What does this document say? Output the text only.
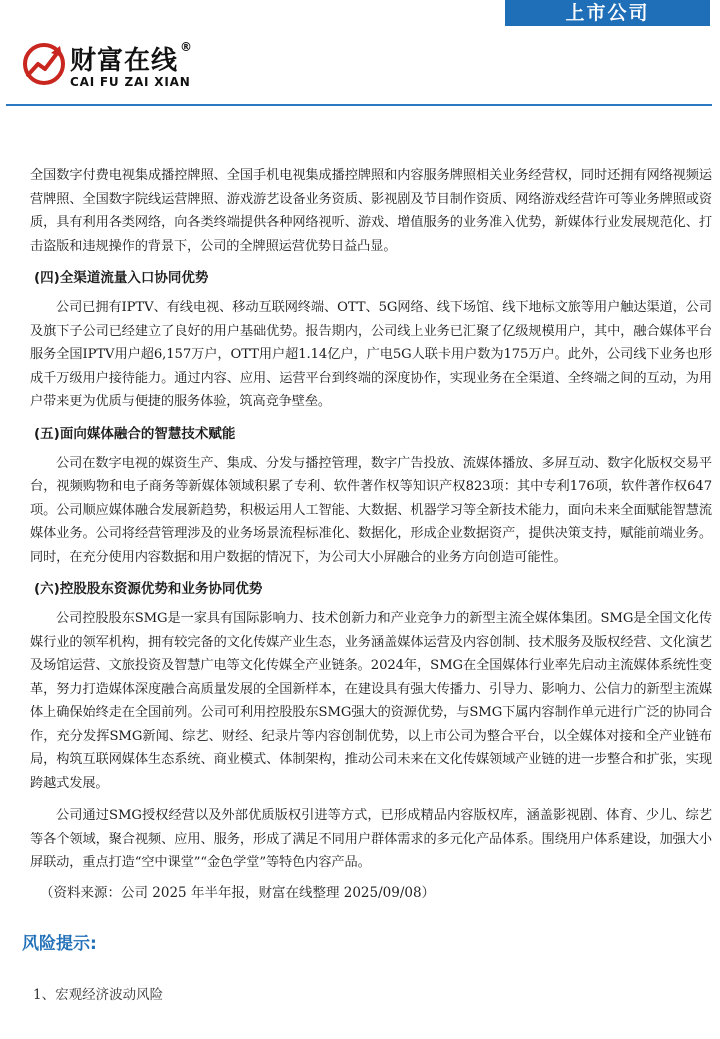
上市公司
财富在线 ®
CAI FU ZAI XIAN

全国数字付费电视集成播控牌照、全国手机电视集成播控牌照和内容服务牌照相关业务经营权，同时还拥有网络视频运营牌照、全国数字院线运营牌照、游戏游艺设备业务资质、影视剧及节目制作资质、网络游戏经营许可等业务牌照或资质，具有利用各类网络，向各类终端提供各种网络视听、游戏、增值服务的业务准入优势，新媒体行业发展规范化、打击盗版和违规操作的背景下，公司的全牌照运营优势日益凸显。

(四)全渠道流量入口协同优势

公司已拥有IPTV、有线电视、移动互联网终端、OTT、5G网络、线下场馆、线下地标文旅等用户触达渠道，公司及旗下子公司已经建立了良好的用户基础优势。报告期内，公司线上业务已汇聚了亿级规模用户，其中，融合媒体平台服务全国IPTV用户超6,157万户，OTT用户超1.14亿户，广电5G人联卡用户数为175万户。此外，公司线下业务也形成千万级用户接待能力。通过内容、应用、运营平台到终端的深度协作，实现业务在全渠道、全终端之间的互动，为用户带来更为优质与便捷的服务体验，筑高竞争壁垒。

(五)面向媒体融合的智慧技术赋能

公司在数字电视的媒资生产、集成、分发与播控管理，数字广告投放、流媒体播放、多屏互动、数字化版权交易平台，视频购物和电子商务等新媒体领域积累了专利、软件著作权等知识产权823项：其中专利176项，软件著作权647项。公司顺应媒体融合发展新趋势，积极运用人工智能、大数据、机器学习等全新技术能力，面向未来全面赋能智慧流媒体业务。公司将经营管理涉及的业务场景流程标准化、数据化，形成企业数据资产，提供决策支持，赋能前端业务。同时，在充分使用内容数据和用户数据的情况下，为公司大小屏融合的业务方向创造可能性。

(六)控股股东资源优势和业务协同优势

公司控股股东SMG是一家具有国际影响力、技术创新力和产业竞争力的新型主流全媒体集团。SMG是全国文化传媒行业的领军机构，拥有较完备的文化传媒产业生态，业务涵盖媒体运营及内容创制、技术服务及版权经营、文化演艺及场馆运营、文旅投资及智慧广电等文化传媒全产业链条。2024年，SMG在全国媒体行业率先启动主流媒体系统性变革，努力打造媒体深度融合高质量发展的全国新样本，在建设具有强大传播力、引导力、影响力、公信力的新型主流媒体上确保始终走在全国前列。公司可利用控股股东SMG强大的资源优势，与SMG下属内容制作单元进行广泛的协同合作，充分发挥SMG新闻、综艺、财经、纪录片等内容创制优势，以上市公司为整合平台，以全媒体对接和全产业链布局，构筑互联网媒体生态系统、商业模式、体制架构，推动公司未来在文化传媒领域产业链的进一步整合和扩张，实现跨越式发展。

公司通过SMG授权经营以及外部优质版权引进等方式，已形成精品内容版权库，涵盖影视剧、体育、少儿、综艺等各个领域，聚合视频、应用、服务，形成了满足不同用户群体需求的多元化产品体系。围绕用户体系建设，加强大小屏联动，重点打造“空中课堂”“金色学堂”等特色内容产品。

（资料来源：公司 2025 年半年报，财富在线整理 2025/09/08）
风险提示:
1、宏观经济波动风险
